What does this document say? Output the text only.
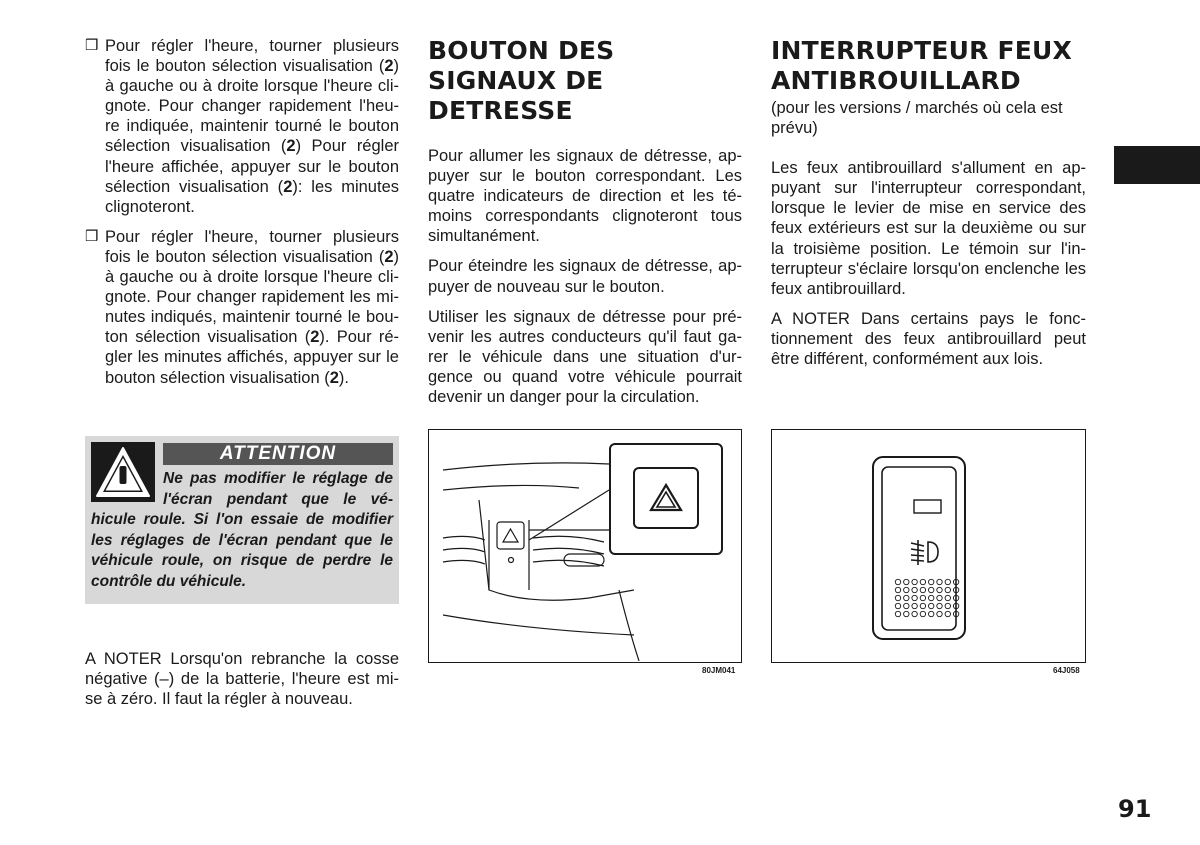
❒ Pour régler l'heure, tourner plusieurs fois le bouton sélection visualisation (2) à gauche ou à droite lorsque l'heure cli-gnote. Pour changer rapidement l'heu-re indiquée, maintenir tourné le bouton sélection visualisation (2) Pour régler l'heure affichée, appuyer sur le bouton sélection visualisation (2): les minutes clignoteront.
❒ Pour régler l'heure, tourner plusieurs fois le bouton sélection visualisation (2) à gauche ou à droite lorsque l'heure cli-gnote. Pour changer rapidement les mi-nutes indiqués, maintenir tourné le bou-ton sélection visualisation (2). Pour ré-gler les minutes affichés, appuyer sur le bouton sélection visualisation (2).
ATTENTION

Ne pas modifier le réglage de l'écran pendant que le vé-hicule roule. Si l'on essaie de modifier les réglages de l'écran pendant que le véhicule roule, on risque de perdre le contrôle du véhicule.

A NOTER Lorsqu'on rebranche la cosse négative (–) de la batterie, l'heure est mi-se à zéro. Il faut la régler à nouveau.

BOUTON DES
SIGNAUX DE DETRESSE

Pour allumer les signaux de détresse, ap-puyer sur le bouton correspondant. Les quatre indicateurs de direction et les té-moins correspondants clignoteront tous simultanément.

Pour éteindre les signaux de détresse, ap-puyer de nouveau sur le bouton.

Utiliser les signaux de détresse pour pré-venir les autres conducteurs qu'il faut ga-rer le véhicule dans une situation d'ur-gence ou quand votre véhicule pourrait devenir un danger pour la circulation.

INTERRUPTEUR FEUX
ANTIBROUILLARD

(pour les versions / marchés où cela est prévu)

Les feux antibrouillard s'allument en ap-puyant sur l'interrupteur correspondant, lorsque le levier de mise en service des feux extérieurs est sur la deuxième ou sur la troisième position. Le témoin sur l'in-terrupteur s'éclaire lorsqu'on enclenche les feux antibrouillard.

A NOTER Dans certains pays le fonc-tionnement des feux antibrouillard peut être différent, conformément aux lois.

80JM041	64J058
91
